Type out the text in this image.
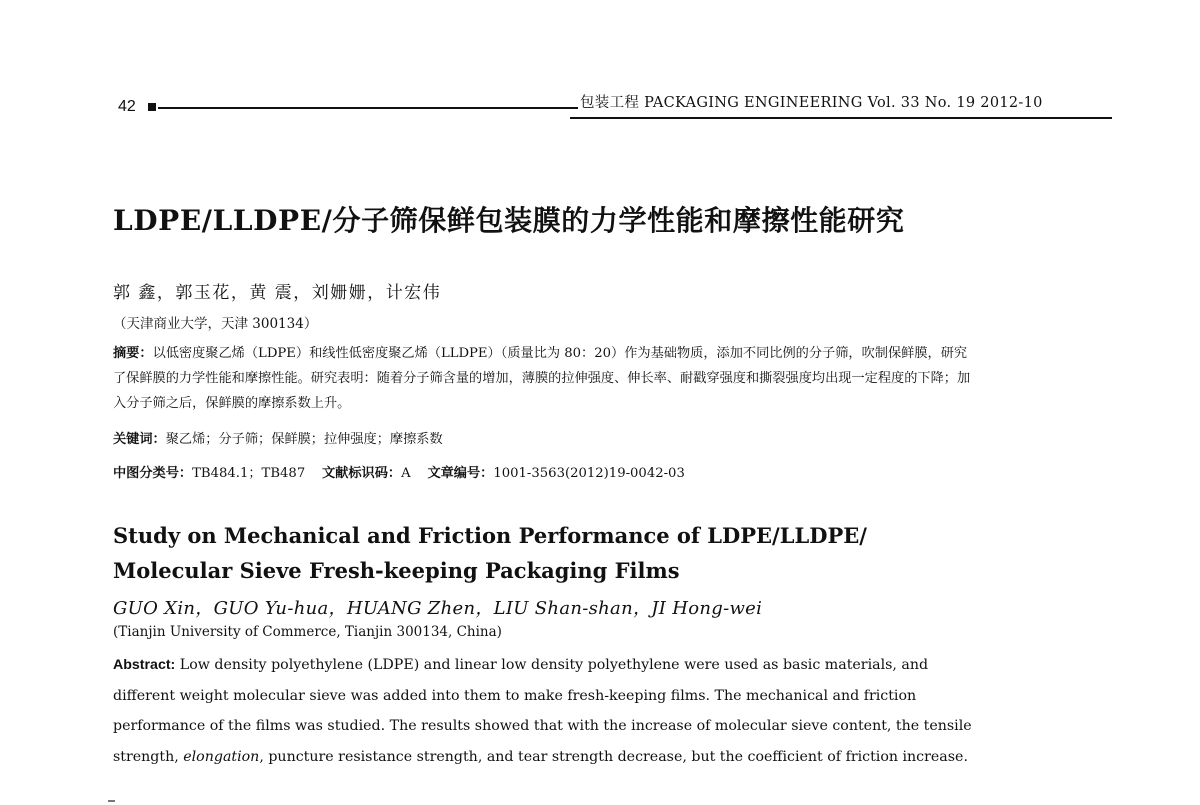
42	包装工程 PACKAGING ENGINEERING Vol. 33 No. 19 2012-10
LDPE/LLDPE/分子筛保鲜包装膜的力学性能和摩擦性能研究
郭 鑫，郭玉花，黄 震，刘姗姗，计宏伟
（天津商业大学，天津 300134）
摘要：以低密度聚乙烯（LDPE）和线性低密度聚乙烯（LLDPE）（质量比为 80：20）作为基础物质，添加不同比例的分子筛，吹制保鲜膜，研究了保鲜膜的力学性能和摩擦性能。研究表明：随着分子筛含量的增加，薄膜的拉伸强度、伸长率、耐戳穿强度和撕裂强度均出现一定程度的下降；加入分子筛之后，保鲜膜的摩擦系数上升。
关键词：聚乙烯；分子筛；保鲜膜；拉伸强度；摩擦系数
中图分类号：TB484.1；TB487 文献标识码：A 文章编号：1001-3563(2012)19-0042-03
Study on Mechanical and Friction Performance of LDPE/LLDPE/ Molecular Sieve Fresh-keeping Packaging Films
GUO Xin，GUO Yu-hua，HUANG Zhen，LIU Shan-shan，JI Hong-wei
(Tianjin University of Commerce, Tianjin 300134, China)
Abstract: Low density polyethylene (LDPE) and linear low density polyethylene were used as basic materials, and different weight molecular sieve was added into them to make fresh-keeping films. The mechanical and friction performance of the films was studied. The results showed that with the increase of molecular sieve content, the tensile strength, elongation, puncture resistance strength, and tear strength decrease, but the coefficient of friction increase.
